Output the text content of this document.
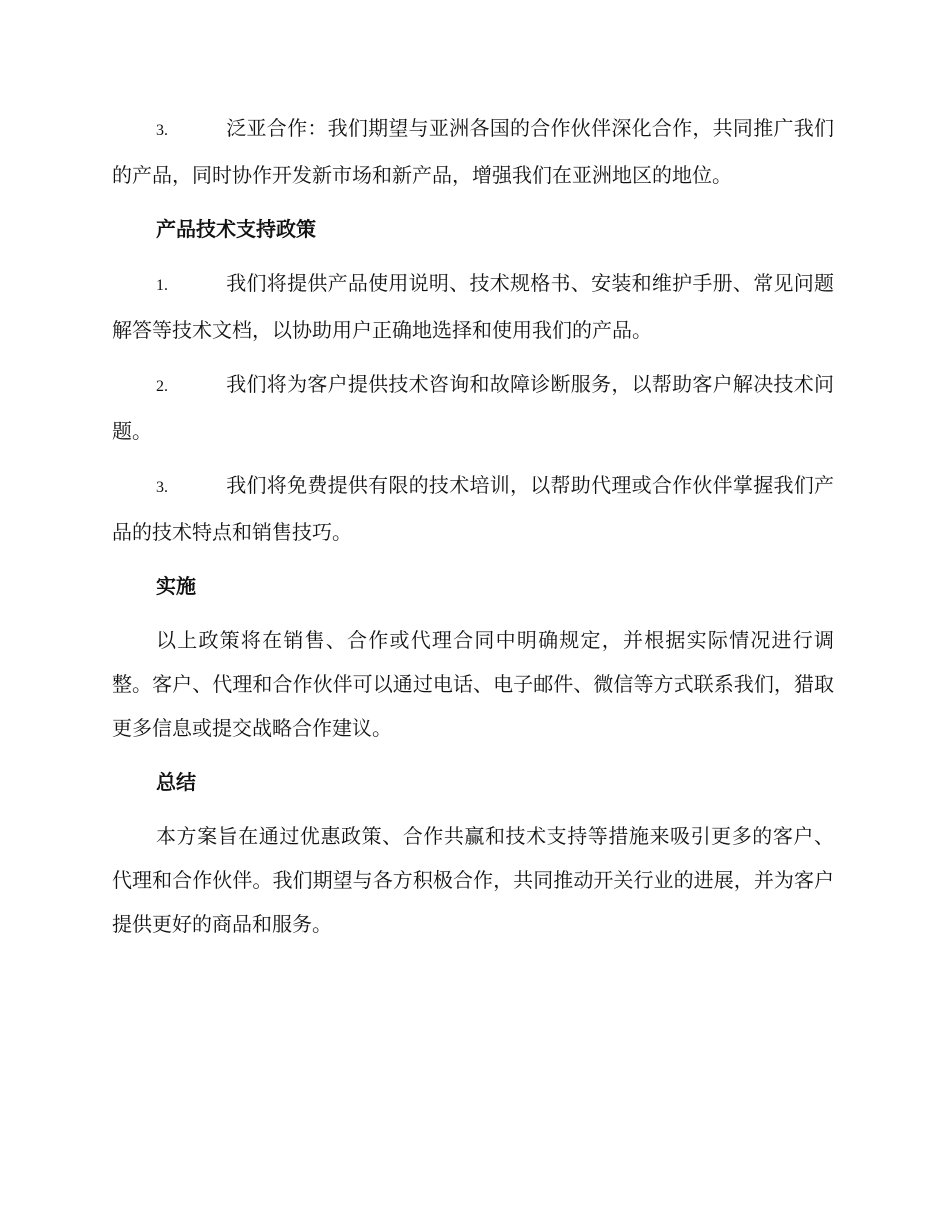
3.	泛亚合作：我们期望与亚洲各国的合作伙伴深化合作，共同推广我们的产品，同时协作开发新市场和新产品，增强我们在亚洲地区的地位。

产品技术支持政策

1.	我们将提供产品使用说明、技术规格书、安装和维护手册、常见问题解答等技术文档，以协助用户正确地选择和使用我们的产品。

2.	我们将为客户提供技术咨询和故障诊断服务，以帮助客户解决技术问题。

3.	我们将免费提供有限的技术培训，以帮助代理或合作伙伴掌握我们产品的技术特点和销售技巧。

实施

以上政策将在销售、合作或代理合同中明确规定，并根据实际情况进行调整。客户、代理和合作伙伴可以通过电话、电子邮件、微信等方式联系我们，猎取更多信息或提交战略合作建议。

总结

本方案旨在通过优惠政策、合作共赢和技术支持等措施来吸引更多的客户、代理和合作伙伴。我们期望与各方积极合作，共同推动开关行业的进展，并为客户提供更好的商品和服务。
